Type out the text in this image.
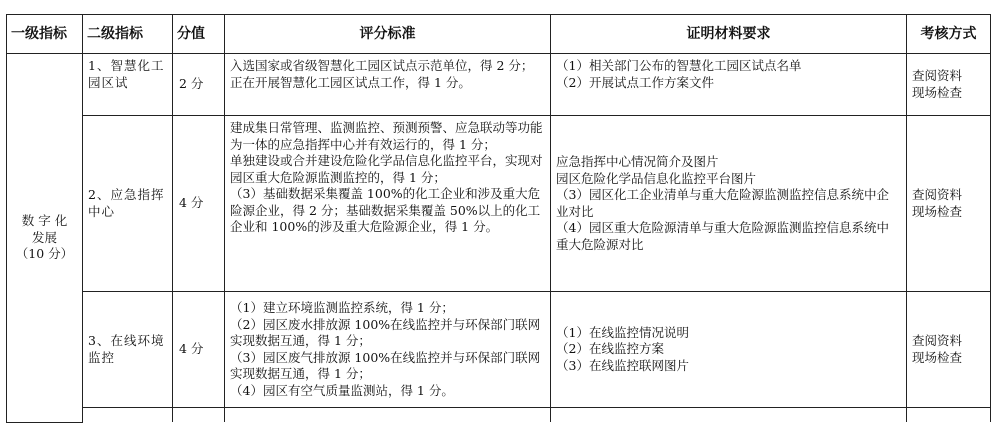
一级指标	二级指标	分值	评分标准	证明材料要求	考核方式

数 字 化
发展
（10 分）	1、智慧化工园区试	2 分	入选国家或省级智慧化工园区试点示范单位，得 2 分；正在开展智慧化工园区试点工作，得 1 分。	（1）相关部门公布的智慧化工园区试点名单
（2）开展试点工作方案文件	查阅资料
现场检查

	2、应急指挥中心	4 分	建成集日常管理、监测监控、预测预警、应急联动等功能为一体的应急指挥中心并有效运行的，得 1 分；
单独建设或合并建设危险化学品信息化监控平台，实现对园区重大危险源监测监控的，得 1 分；
（3）基础数据采集覆盖 100%的化工企业和涉及重大危险源企业，得 2 分；基础数据采集覆盖 50%以上的化工企业和 100%的涉及重大危险源企业，得 1 分。	应急指挥中心情况简介及图片
园区危险化学品信息化监控平台图片
（3）园区化工企业清单与重大危险源监测监控信息系统中企业对比
（4）园区重大危险源清单与重大危险源监测监控信息系统中重大危险源对比	查阅资料
现场检查

	3、在线环境监控	4 分	（1）建立环境监测监控系统，得 1 分；
（2）园区废水排放源 100%在线监控并与环保部门联网实现数据互通，得 1 分；
（3）园区废气排放源 100%在线监控并与环保部门联网实现数据互通，得 1 分；
（4）园区有空气质量监测站，得 1 分。	（1）在线监控情况说明
（2）在线监控方案
（3）在线监控联网图片	查阅资料
现场检查
